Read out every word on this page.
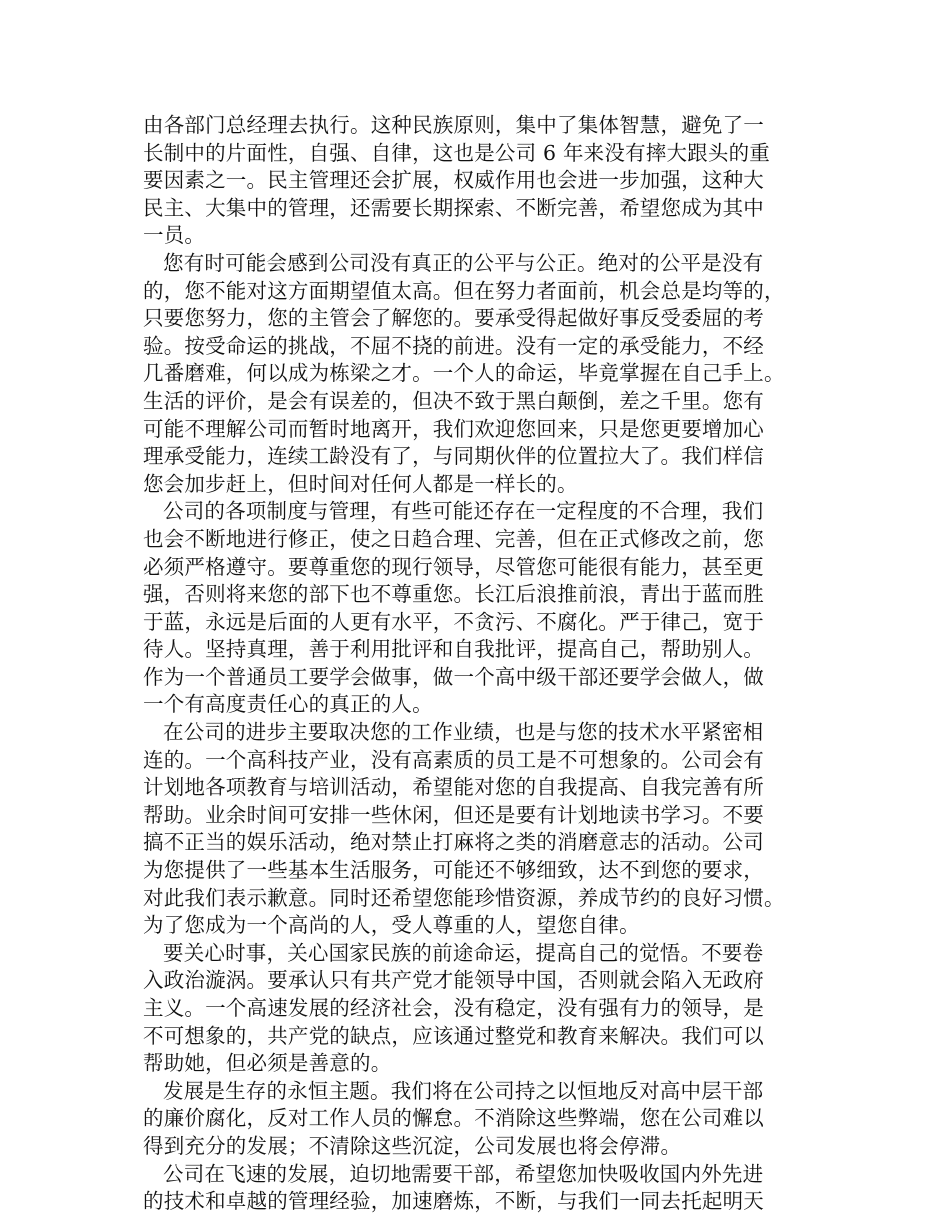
由各部门总经理去执行。这种民族原则，集中了集体智慧，避免了一
长制中的片面性，自强、自律，这也是公司 6 年来没有摔大跟头的重
要因素之一。民主管理还会扩展，权威作用也会进一步加强，这种大
民主、大集中的管理，还需要长期探索、不断完善，希望您成为其中
一员。
您有时可能会感到公司没有真正的公平与公正。绝对的公平是没有
的，您不能对这方面期望值太高。但在努力者面前，机会总是均等的，
只要您努力，您的主管会了解您的。要承受得起做好事反受委屈的考
验。按受命运的挑战，不屈不挠的前进。没有一定的承受能力，不经
几番磨难，何以成为栋梁之才。一个人的命运，毕竟掌握在自己手上。
生活的评价，是会有误差的，但决不致于黑白颠倒，差之千里。您有
可能不理解公司而暂时地离开，我们欢迎您回来，只是您更要增加心
理承受能力，连续工龄没有了，与同期伙伴的位置拉大了。我们样信
您会加步赶上，但时间对任何人都是一样长的。
公司的各项制度与管理，有些可能还存在一定程度的不合理，我们
也会不断地进行修正，使之日趋合理、完善，但在正式修改之前，您
必须严格遵守。要尊重您的现行领导，尽管您可能很有能力，甚至更
强，否则将来您的部下也不尊重您。长江后浪推前浪，青出于蓝而胜
于蓝，永远是后面的人更有水平，不贪污、不腐化。严于律己，宽于
待人。坚持真理，善于利用批评和自我批评，提高自己，帮助别人。
作为一个普通员工要学会做事，做一个高中级干部还要学会做人，做
一个有高度责任心的真正的人。
在公司的进步主要取决您的工作业绩，也是与您的技术水平紧密相
连的。一个高科技产业，没有高素质的员工是不可想象的。公司会有
计划地各项教育与培训活动，希望能对您的自我提高、自我完善有所
帮助。业余时间可安排一些休闲，但还是要有计划地读书学习。不要
搞不正当的娱乐活动，绝对禁止打麻将之类的消磨意志的活动。公司
为您提供了一些基本生活服务，可能还不够细致，达不到您的要求，
对此我们表示歉意。同时还希望您能珍惜资源，养成节约的良好习惯。
为了您成为一个高尚的人，受人尊重的人，望您自律。
要关心时事，关心国家民族的前途命运，提高自己的觉悟。不要卷
入政治漩涡。要承认只有共产党才能领导中国，否则就会陷入无政府
主义。一个高速发展的经济社会，没有稳定，没有强有力的领导，是
不可想象的，共产党的缺点，应该通过整党和教育来解决。我们可以
帮助她，但必须是善意的。
发展是生存的永恒主题。我们将在公司持之以恒地反对高中层干部
的廉价腐化，反对工作人员的懈怠。不消除这些弊端，您在公司难以
得到充分的发展；不清除这些沉淀，公司发展也将会停滞。
公司在飞速的发展，迫切地需要干部，希望您加快吸收国内外先进
的技术和卓越的管理经验，加速磨炼，不断，与我们一同去托起明天
